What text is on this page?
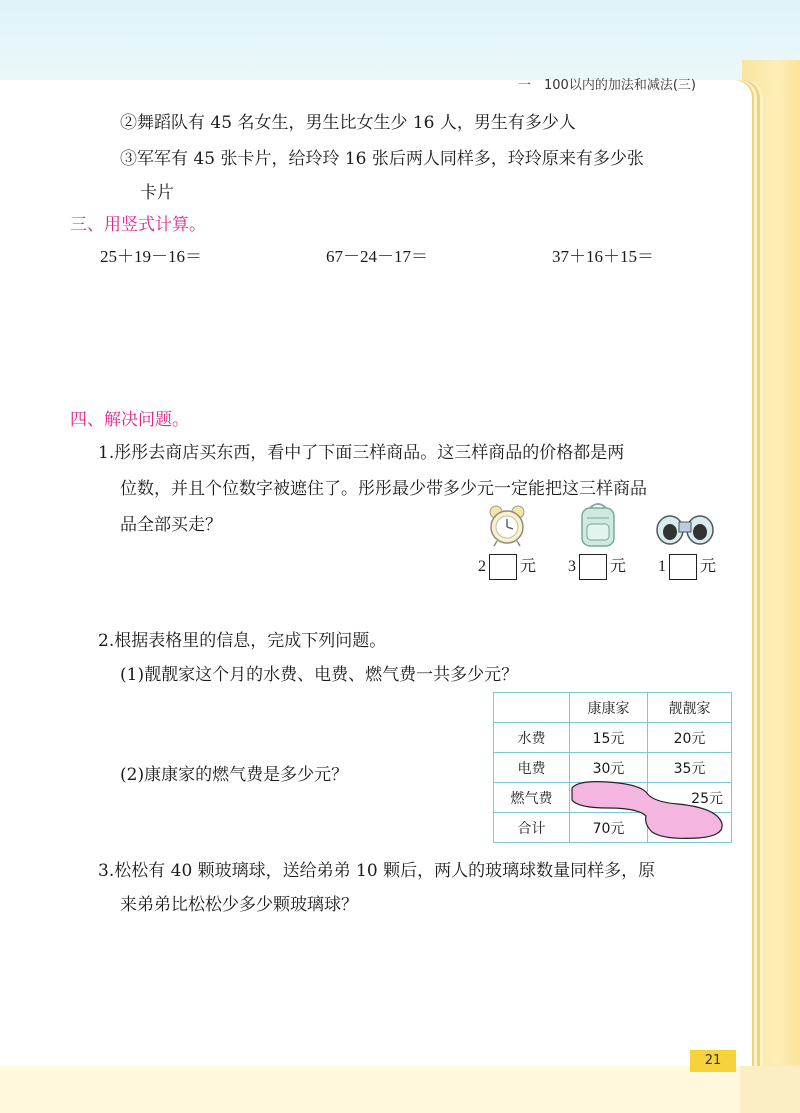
一　100以内的加法和减法(三)
②舞蹈队有 45 名女生，男生比女生少 16 人，男生有多少人
③军军有 45 张卡片，给玲玲 16 张后两人同样多，玲玲原来有多少张
卡片
三、用竖式计算。
25＋19－16＝	67－24－17＝	37＋16＋15＝
四、解决问题。
1.彤彤去商店买东西，看中了下面三样商品。这三样商品的价格都是两
位数，并且个位数字被遮住了。彤彤最少带多少元一定能把这三样商品
品全部买走？
2 元 3 元 1 元
2.根据表格里的信息，完成下列问题。
(1)靓靓家这个月的水费、电费、燃气费一共多少元？
(2)康康家的燃气费是多少元？
	康康家	靓靓家
水费	15元	20元
电费	30元	35元
燃气费		25元
合计	70元	
3.松松有 40 颗玻璃球，送给弟弟 10 颗后，两人的玻璃球数量同样多，原
来弟弟比松松少多少颗玻璃球？
21
